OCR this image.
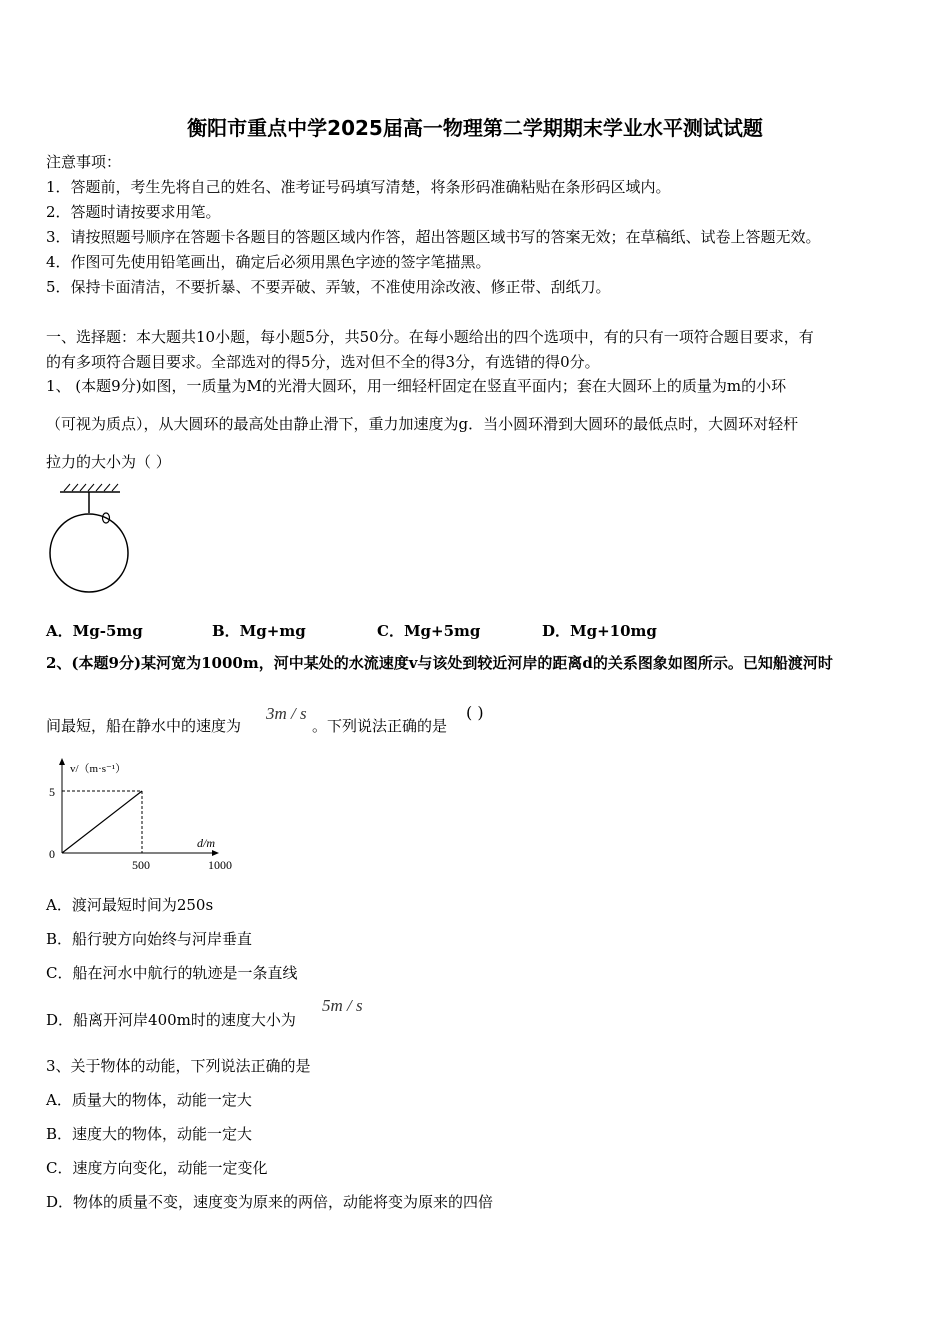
衡阳市重点中学2025届高一物理第二学期期末学业水平测试试题
注意事项：
1．答题前，考生先将自己的姓名、准考证号码填写清楚，将条形码准确粘贴在条形码区域内。
2．答题时请按要求用笔。
3．请按照题号顺序在答题卡各题目的答题区域内作答，超出答题区域书写的答案无效；在草稿纸、试卷上答题无效。
4．作图可先使用铅笔画出，确定后必须用黑色字迹的签字笔描黑。
5．保持卡面清洁，不要折暴、不要弄破、弄皱，不准使用涂改液、修正带、刮纸刀。
一、选择题：本大题共10小题，每小题5分，共50分。在每小题给出的四个选项中，有的只有一项符合题目要求，有
的有多项符合题目要求。全部选对的得5分，选对但不全的得3分，有选错的得0分。
1、 (本题9分)如图，一质量为M的光滑大圆环，用一细轻杆固定在竖直平面内；套在大圆环上的质量为m的小环
（可视为质点），从大圆环的最高处由静止滑下，重力加速度为g．当小圆环滑到大圆环的最低点时，大圆环对轻杆
拉力的大小为（ ）
A．Mg-5mg	B．Mg+mg	C．Mg+5mg	D．Mg+10mg
2、(本题9分)某河宽为1000m，河中某处的水流速度v与该处到较近河岸的距离d的关系图象如图所示。已知船渡河时
间最短，船在静水中的速度为
3m / s
。下列说法正确的是
( )
v/（m·s⁻¹）
d/m
5
0
500	1000
A．渡河最短时间为250s
B．船行驶方向始终与河岸垂直
C．船在河水中航行的轨迹是一条直线
D．船离开河岸400m时的速度大小为
5m / s
3、关于物体的动能，下列说法正确的是
A．质量大的物体，动能一定大
B．速度大的物体，动能一定大
C．速度方向变化，动能一定变化
D．物体的质量不变，速度变为原来的两倍，动能将变为原来的四倍
